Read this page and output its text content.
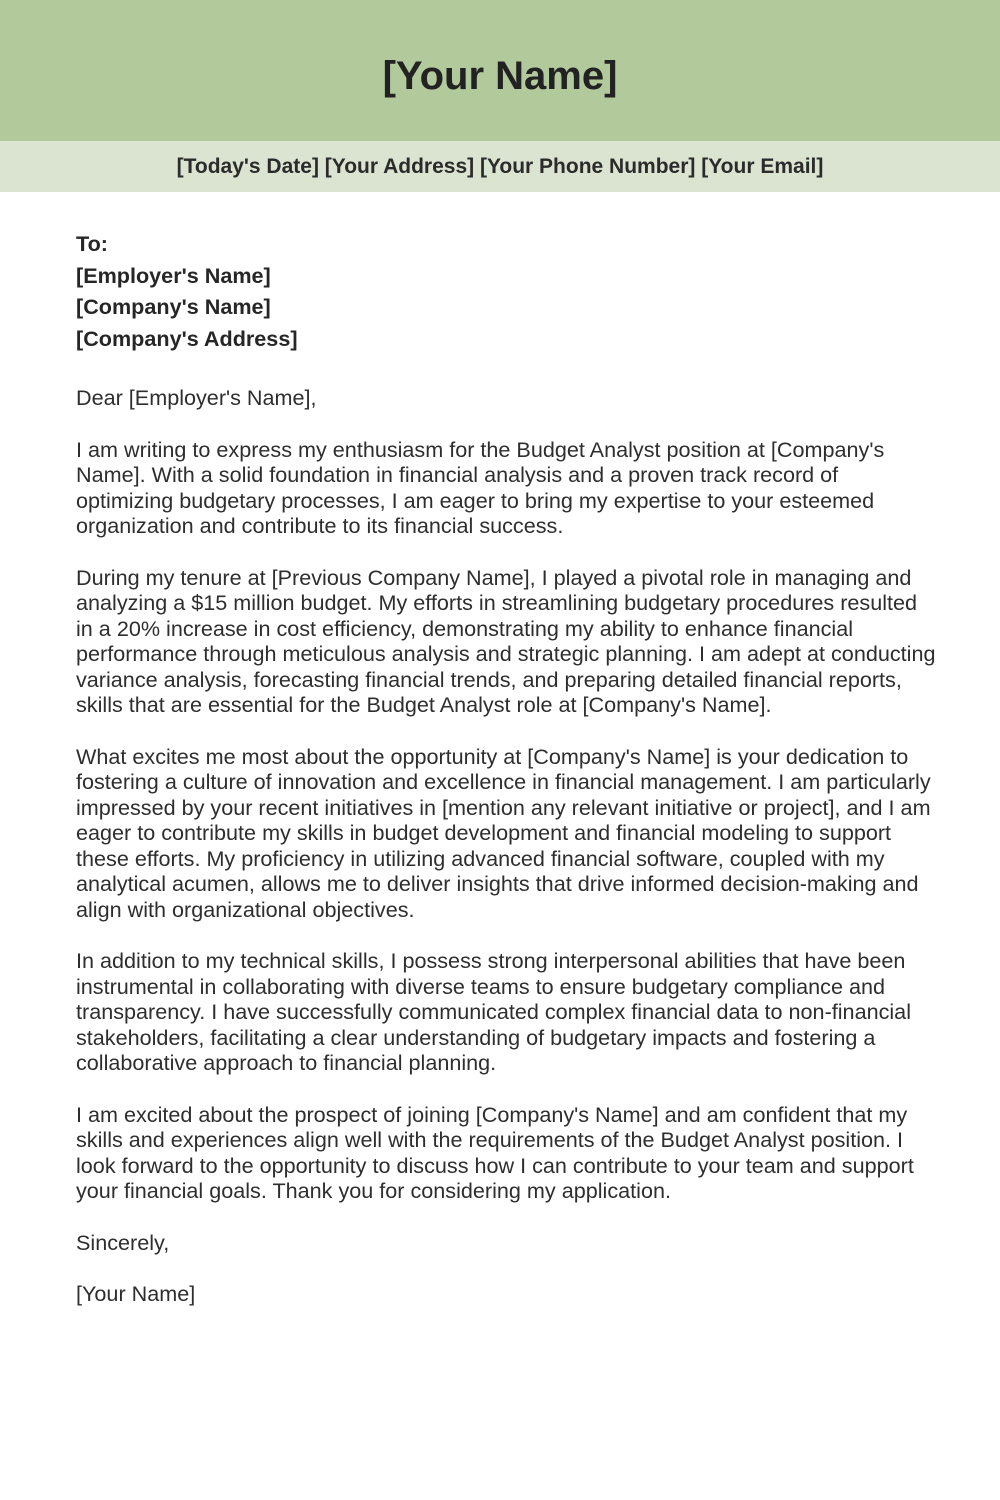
[Your Name]
[Today's Date] [Your Address] [Your Phone Number] [Your Email]
To:
[Employer's Name]
[Company's Name]
[Company's Address]

Dear [Employer's Name],

I am writing to express my enthusiasm for the Budget Analyst position at [Company's Name]. With a solid foundation in financial analysis and a proven track record of optimizing budgetary processes, I am eager to bring my expertise to your esteemed organization and contribute to its financial success.

During my tenure at [Previous Company Name], I played a pivotal role in managing and analyzing a $15 million budget. My efforts in streamlining budgetary procedures resulted in a 20% increase in cost efficiency, demonstrating my ability to enhance financial performance through meticulous analysis and strategic planning. I am adept at conducting variance analysis, forecasting financial trends, and preparing detailed financial reports, skills that are essential for the Budget Analyst role at [Company's Name].

What excites me most about the opportunity at [Company's Name] is your dedication to fostering a culture of innovation and excellence in financial management. I am particularly impressed by your recent initiatives in [mention any relevant initiative or project], and I am eager to contribute my skills in budget development and financial modeling to support these efforts. My proficiency in utilizing advanced financial software, coupled with my analytical acumen, allows me to deliver insights that drive informed decision-making and align with organizational objectives.

In addition to my technical skills, I possess strong interpersonal abilities that have been instrumental in collaborating with diverse teams to ensure budgetary compliance and transparency. I have successfully communicated complex financial data to non-financial stakeholders, facilitating a clear understanding of budgetary impacts and fostering a collaborative approach to financial planning.

I am excited about the prospect of joining [Company's Name] and am confident that my skills and experiences align well with the requirements of the Budget Analyst position. I look forward to the opportunity to discuss how I can contribute to your team and support your financial goals. Thank you for considering my application.

Sincerely,

[Your Name]
